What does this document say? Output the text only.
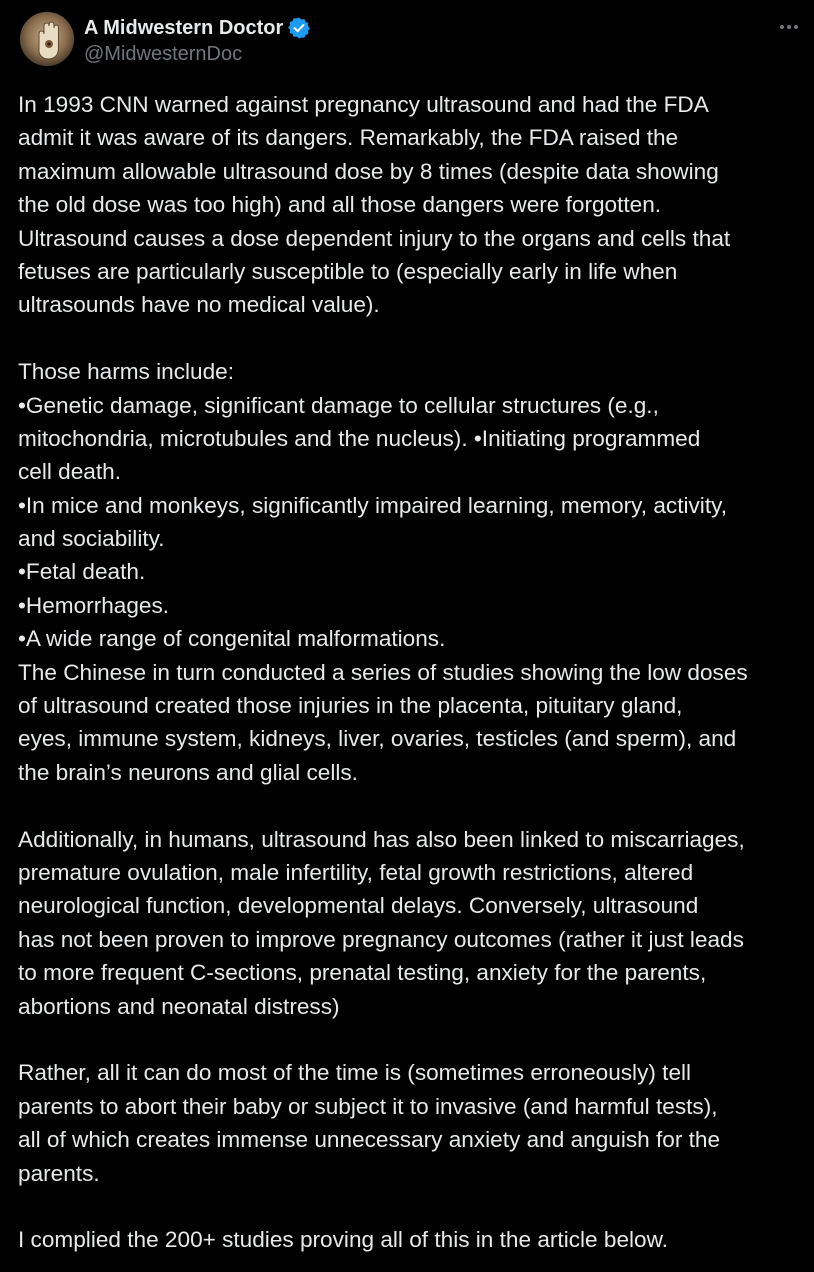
A Midwestern Doctor
@MidwesternDoc
In 1993 CNN warned against pregnancy ultrasound and had the FDA
admit it was aware of its dangers. Remarkably, the FDA raised the
maximum allowable ultrasound dose by 8 times (despite data showing
the old dose was too high) and all those dangers were forgotten.
Ultrasound causes a dose dependent injury to the organs and cells that
fetuses are particularly susceptible to (especially early in life when
ultrasounds have no medical value).
Those harms include:
•Genetic damage, significant damage to cellular structures (e.g.,
mitochondria, microtubules and the nucleus). •Initiating programmed
cell death.
•In mice and monkeys, significantly impaired learning, memory, activity,
and sociability.
•Fetal death.
•Hemorrhages.
•A wide range of congenital malformations.
The Chinese in turn conducted a series of studies showing the low doses
of ultrasound created those injuries in the placenta, pituitary gland,
eyes, immune system, kidneys, liver, ovaries, testicles (and sperm), and
the brain’s neurons and glial cells.
Additionally, in humans, ultrasound has also been linked to miscarriages,
premature ovulation, male infertility, fetal growth restrictions, altered
neurological function, developmental delays. Conversely, ultrasound
has not been proven to improve pregnancy outcomes (rather it just leads
to more frequent C-sections, prenatal testing, anxiety for the parents,
abortions and neonatal distress)
Rather, all it can do most of the time is (sometimes erroneously) tell
parents to abort their baby or subject it to invasive (and harmful tests),
all of which creates immense unnecessary anxiety and anguish for the
parents.
I complied the 200+ studies proving all of this in the article below.
